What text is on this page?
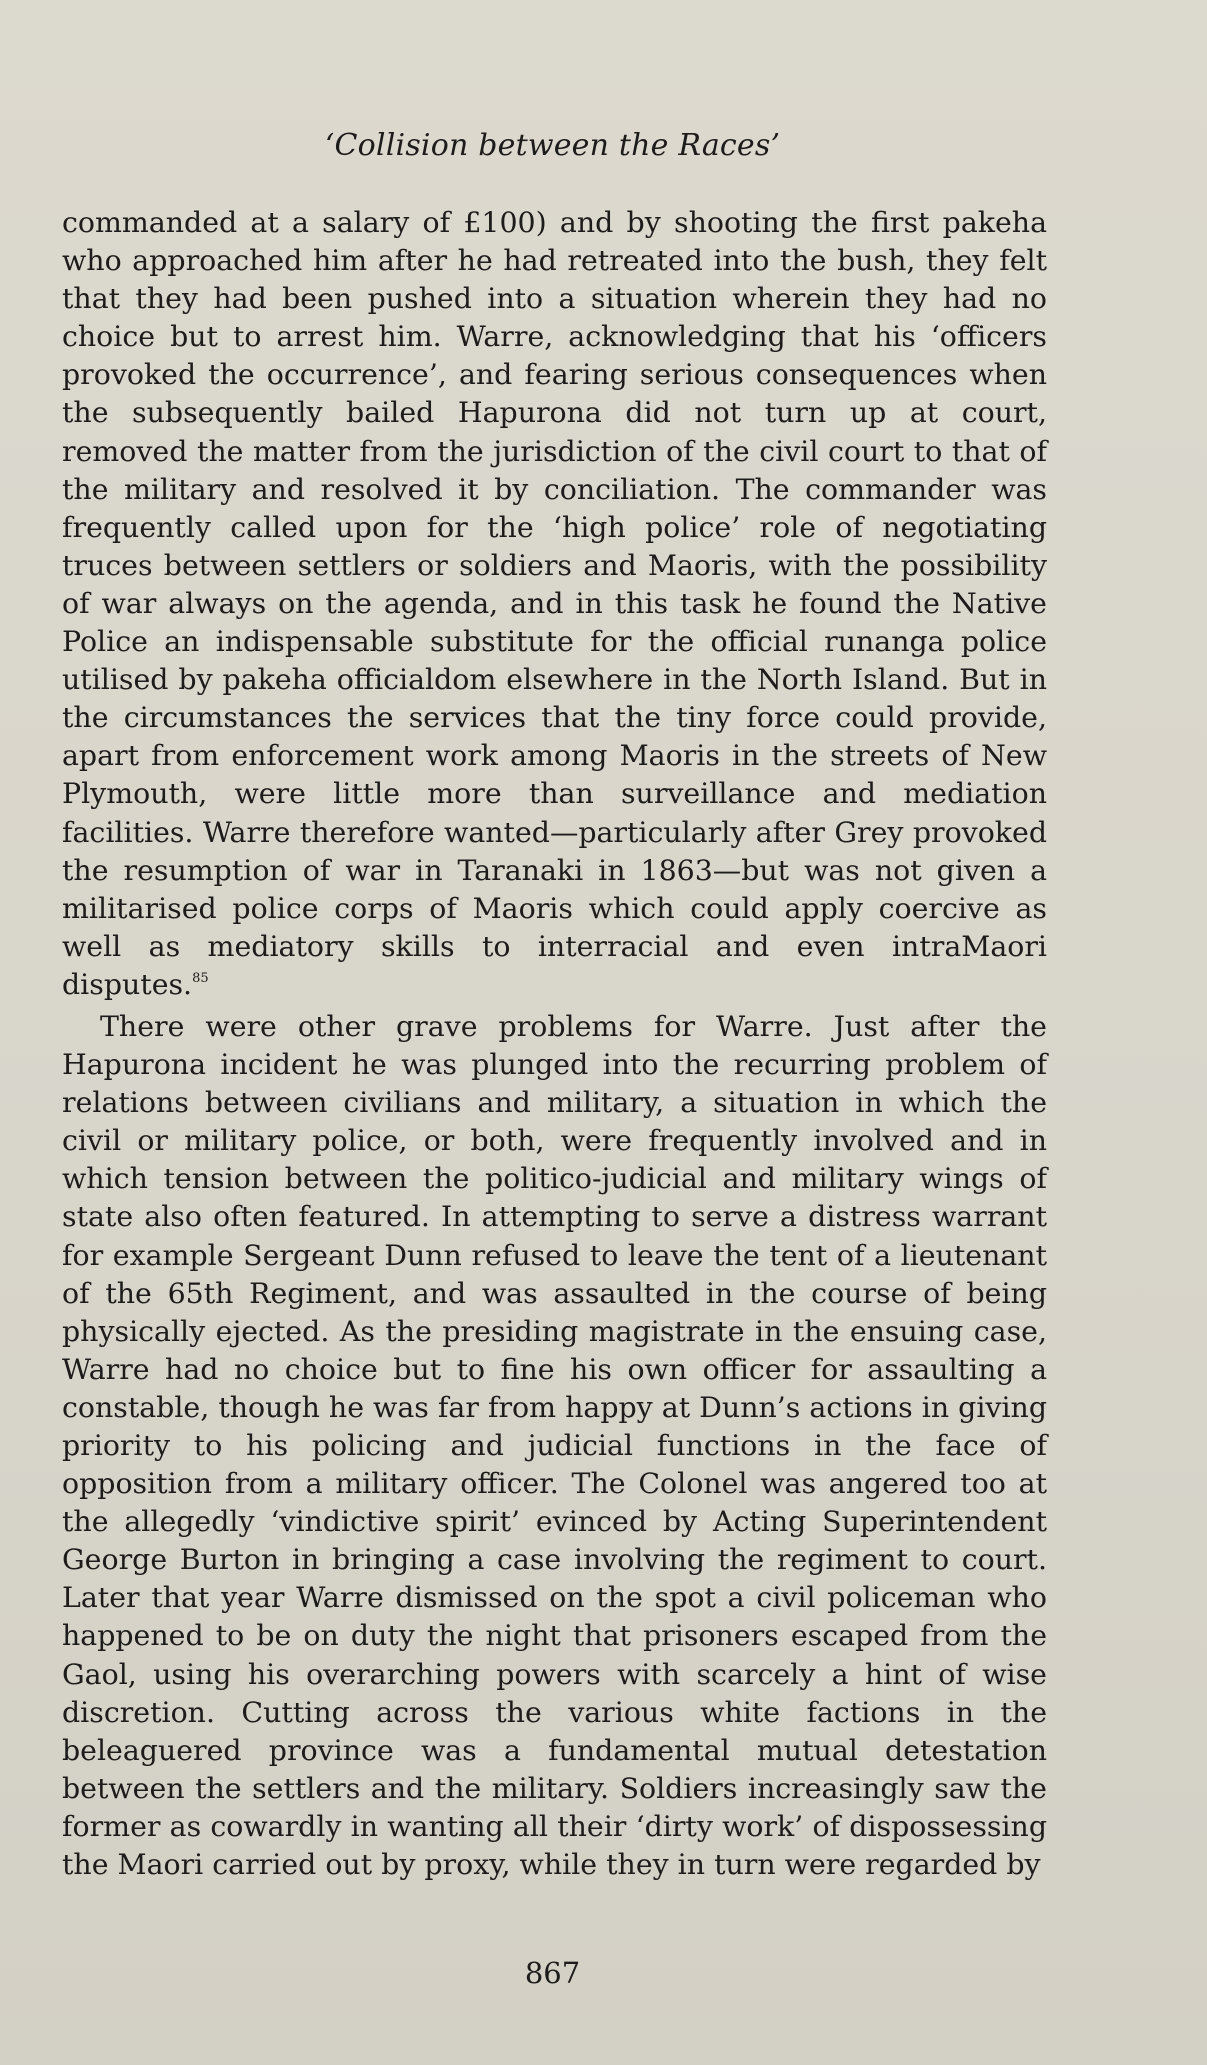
‘Collision between the Races’

commanded at a salary of £100) and by shooting the first pakeha who approached him after he had retreated into the bush, they felt that they had been pushed into a situation wherein they had no choice but to arrest him. Warre, acknowledging that his ‘officers provoked the occurrence’, and fearing serious consequences when the subsequently bailed Hapurona did not turn up at court, removed the matter from the jurisdiction of the civil court to that of the military and resolved it by conciliation. The commander was frequently called upon for the ‘high police’ role of negotiating truces between settlers or soldiers and Maoris, with the possibility of war always on the agenda, and in this task he found the Native Police an indispensable substitute for the official runanga police utilised by pakeha officialdom elsewhere in the North Island. But in the circumstances the services that the tiny force could provide, apart from enforcement work among Maoris in the streets of New Plymouth, were little more than surveillance and mediation facilities. Warre therefore wanted—particularly after Grey provoked the resumption of war in Taranaki in 1863—but was not given a militarised police corps of Maoris which could apply coercive as well as mediatory skills to interracial and even intraMaori disputes.$^{85}$

There were other grave problems for Warre. Just after the Hapurona incident he was plunged into the recurring problem of relations between civilians and military, a situation in which the civil or military police, or both, were frequently involved and in which tension between the politico-judicial and military wings of state also often featured. In attempting to serve a distress warrant for example Sergeant Dunn refused to leave the tent of a lieutenant of the 65th Regiment, and was assaulted in the course of being physically ejected. As the presiding magistrate in the ensuing case, Warre had no choice but to fine his own officer for assaulting a constable, though he was far from happy at Dunn’s actions in giving priority to his policing and judicial functions in the face of opposition from a military officer. The Colonel was angered too at the allegedly ‘vindictive spirit’ evinced by Acting Superintendent George Burton in bringing a case involving the regiment to court. Later that year Warre dismissed on the spot a civil policeman who happened to be on duty the night that prisoners escaped from the Gaol, using his overarching powers with scarcely a hint of wise discretion. Cutting across the various white factions in the beleaguered province was a fundamental mutual detestation between the settlers and the military. Soldiers increasingly saw the former as cowardly in wanting all their ‘dirty work’ of dispossessing the Maori carried out by proxy, while they in turn were regarded by

867
